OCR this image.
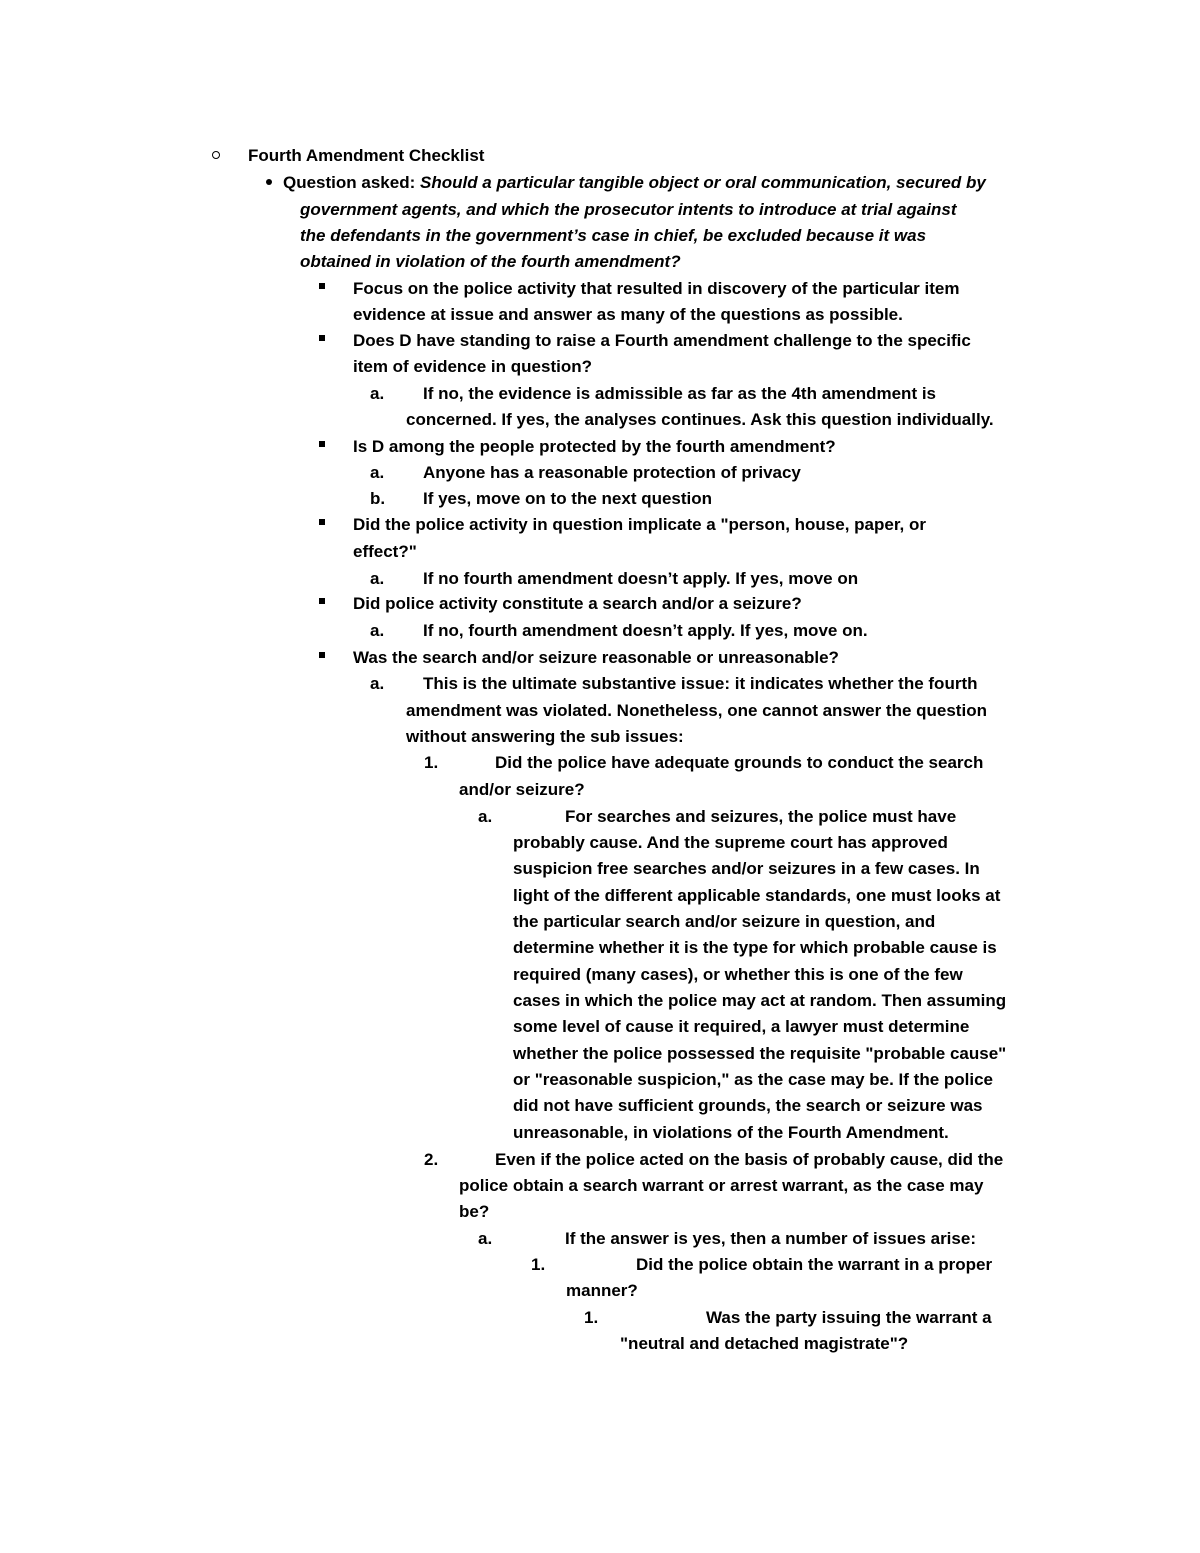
Fourth Amendment Checklist
Question asked: Should a particular tangible object or oral communication, secured by
government agents, and which the prosecutor intents to introduce at trial against
the defendants in the government’s case in chief, be excluded because it was
obtained in violation of the fourth amendment?
Focus on the police activity that resulted in discovery of the particular item
evidence at issue and answer as many of the questions as possible.
Does D have standing to raise a Fourth amendment challenge to the specific
item of evidence in question?
a. If no, the evidence is admissible as far as the 4th amendment is
concerned. If yes, the analyses continues. Ask this question individually.
Is D among the people protected by the fourth amendment?
a. Anyone has a reasonable protection of privacy
b. If yes, move on to the next question
Did the police activity in question implicate a "person, house, paper, or
effect?"
a. If no fourth amendment doesn’t apply. If yes, move on
Did police activity constitute a search and/or a seizure?
a. If no, fourth amendment doesn’t apply. If yes, move on.
Was the search and/or seizure reasonable or unreasonable?
a. This is the ultimate substantive issue: it indicates whether the fourth
amendment was violated. Nonetheless, one cannot answer the question
without answering the sub issues:
1.	Did the police have adequate grounds to conduct the search
and/or seizure?
a.	For searches and seizures, the police must have
probably cause. And the supreme court has approved
suspicion free searches and/or seizures in a few cases. In
light of the different applicable standards, one must looks at
the particular search and/or seizure in question, and
determine whether it is the type for which probable cause is
required (many cases), or whether this is one of the few
cases in which the police may act at random. Then assuming
some level of cause it required, a lawyer must determine
whether the police possessed the requisite "probable cause"
or "reasonable suspicion," as the case may be. If the police
did not have sufficient grounds, the search or seizure was
unreasonable, in violations of the Fourth Amendment.
2.	Even if the police acted on the basis of probably cause, did the
police obtain a search warrant or arrest warrant, as the case may
be?
a.	If the answer is yes, then a number of issues arise:
1.	Did the police obtain the warrant in a proper
manner?
1.	Was the party issuing the warrant a
"neutral and detached magistrate"?
